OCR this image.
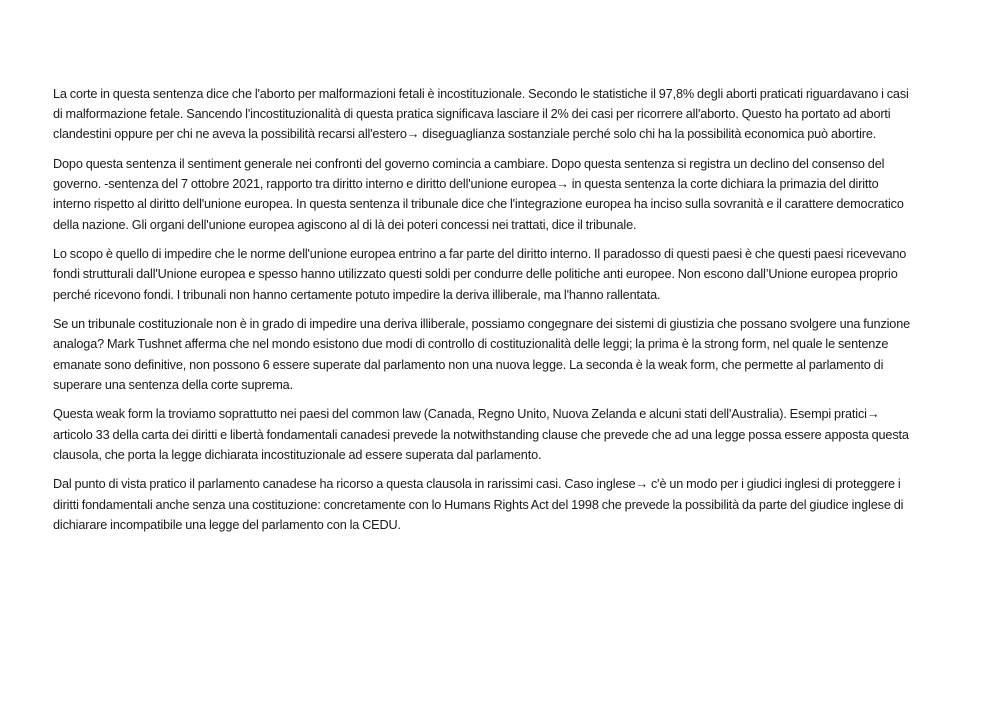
La corte in questa sentenza dice che l'aborto per malformazioni fetali è incostituzionale. Secondo le statistiche il 97,8% degli aborti praticati riguardavano i casi di malformazione fetale. Sancendo l'incostituzionalità di questa pratica significava lasciare il 2% dei casi per ricorrere all'aborto. Questo ha portato ad aborti clandestini oppure per chi ne aveva la possibilità recarsi all'estero→ diseguaglianza sostanziale perché solo chi ha la possibilità economica può abortire.

Dopo questa sentenza il sentiment generale nei confronti del governo comincia a cambiare. Dopo questa sentenza si registra un declino del consenso del governo. -sentenza del 7 ottobre 2021, rapporto tra diritto interno e diritto dell'unione europea→ in questa sentenza la corte dichiara la primazia del diritto interno rispetto al diritto dell'unione europea. In questa sentenza il tribunale dice che l'integrazione europea ha inciso sulla sovranità e il carattere democratico della nazione. Gli organi dell'unione europea agiscono al di là dei poteri concessi nei trattati, dice il tribunale.

Lo scopo è quello di impedire che le norme dell'unione europea entrino a far parte del diritto interno. Il paradosso di questi paesi è che questi paesi ricevevano fondi strutturali dall'Unione europea e spesso hanno utilizzato questi soldi per condurre delle politiche anti europee. Non escono dall’Unione europea proprio perché ricevono fondi. I tribunali non hanno certamente potuto impedire la deriva illiberale, ma l'hanno rallentata.

Se un tribunale costituzionale non è in grado di impedire una deriva illiberale, possiamo congegnare dei sistemi di giustizia che possano svolgere una funzione analoga? Mark Tushnet afferma che nel mondo esistono due modi di controllo di costituzionalità delle leggi; la prima è la strong form, nel quale le sentenze emanate sono definitive, non possono 6 essere superate dal parlamento non una nuova legge. La seconda è la weak form, che permette al parlamento di superare una sentenza della corte suprema.

Questa weak form la troviamo soprattutto nei paesi del common law (Canada, Regno Unito, Nuova Zelanda e alcuni stati dell'Australia). Esempi pratici→ articolo 33 della carta dei diritti e libertà fondamentali canadesi prevede la notwithstanding clause che prevede che ad una legge possa essere apposta questa clausola, che porta la legge dichiarata incostituzionale ad essere superata dal parlamento.

Dal punto di vista pratico il parlamento canadese ha ricorso a questa clausola in rarissimi casi. Caso inglese→ c'è un modo per i giudici inglesi di proteggere i diritti fondamentali anche senza una costituzione: concretamente con lo Humans Rights Act del 1998 che prevede la possibilità da parte del giudice inglese di dichiarare incompatibile una legge del parlamento con la CEDU.
